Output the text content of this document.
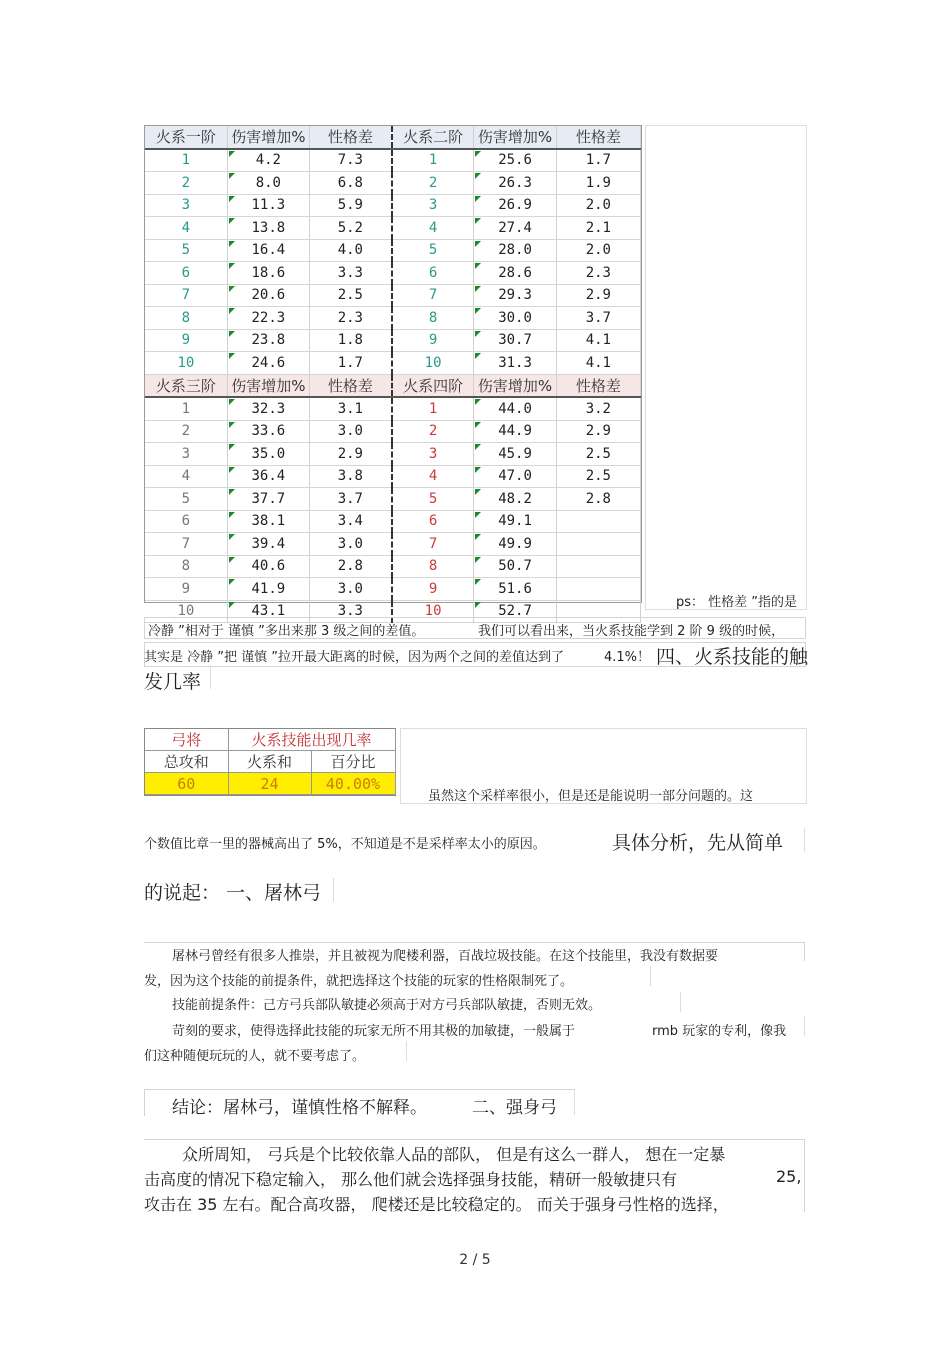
火系一阶	伤害增加%	性格差	火系二阶	伤害增加%	性格差
1	4.2	7.3	1	25.6	1.7
2	8.0	6.8	2	26.3	1.9
3	11.3	5.9	3	26.9	2.0
4	13.8	5.2	4	27.4	2.1
5	16.4	4.0	5	28.0	2.0
6	18.6	3.3	6	28.6	2.3
7	20.6	2.5	7	29.3	2.9
8	22.3	2.3	8	30.0	3.7
9	23.8	1.8	9	30.7	4.1
10	24.6	1.7	10	31.3	4.1
火系三阶	伤害增加%	性格差	火系四阶	伤害增加%	性格差
1	32.3	3.1	1	44.0	3.2
2	33.6	3.0	2	44.9	2.9
3	35.0	2.9	3	45.9	2.5
4	36.4	3.8	4	47.0	2.5
5	37.7	3.7	5	48.2	2.8
6	38.1	3.4	6	49.1	
7	39.4	3.0	7	49.9	
8	40.6	2.8	8	50.7	
9	41.9	3.0	9	51.6	
10	43.1	3.3	10	52.7	
ps： 性格差 ”指的是
冷静 ”相对于 谨慎 ”多出来那 3 级之间的差值。	我们可以看出来，当火系技能学到 2 阶 9 级的时候，
其实是 冷静 ”把 谨慎 ”拉开最大距离的时候，因为两个之间的差值达到了	4.1%！ 四、火系技能的触
发几率
弓将	火系技能出现几率	
总攻和	火系和	百分比
60	24	40.00%
虽然这个采样率很小，但是还是能说明一部分问题的。这
个数值比章一里的器械高出了 5%，不知道是不是采样率太小的原因。	具体分析，先从简单
的说起： 一、屠林弓
屠林弓曾经有很多人推崇，并且被视为爬楼利器，百战垃圾技能。在这个技能里，我没有数据要
发，因为这个技能的前提条件，就把选择这个技能的玩家的性格限制死了。
技能前提条件：己方弓兵部队敏捷必须高于对方弓兵部队敏捷，否则无效。
苛刻的要求，使得选择此技能的玩家无所不用其极的加敏捷，一般属于	rmb 玩家的专利，像我
们这种随便玩玩的人，就不要考虑了。
结论：屠林弓，谨慎性格不解释。	二、强身弓
众所周知， 弓兵是个比较依靠人品的部队， 但是有这么一群人， 想在一定暴
击高度的情况下稳定输入， 那么他们就会选择强身技能，精研一般敏捷只有	25,
攻击在 35 左右。配合高攻器， 爬楼还是比较稳定的。 而关于强身弓性格的选择，
2 / 5
